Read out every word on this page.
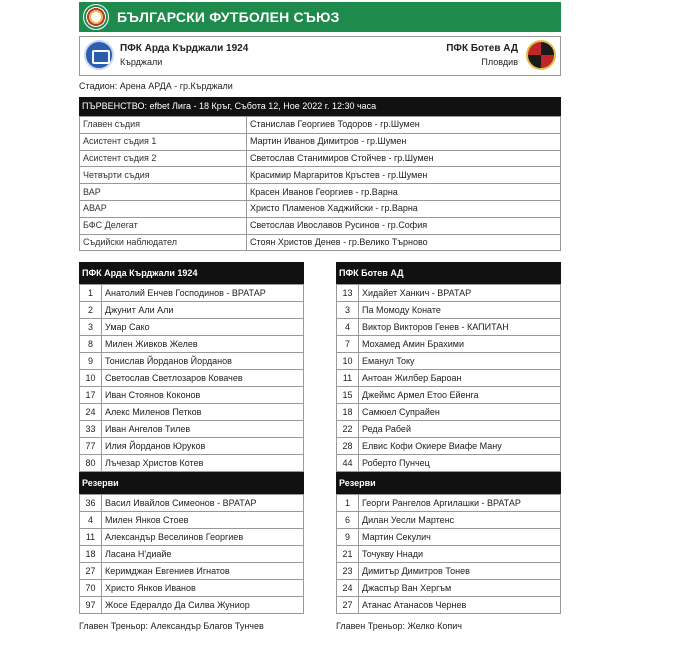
БЪЛГАРСКИ ФУТБОЛЕН СЪЮЗ
ПФК Арда Кърджали 1924
Кърджали
ПФК Ботев АД
Пловдив
Стадион: Арена АРДА - гр.Кърджали
ПЪРВЕНСТВО: efbet Лига - 18 Кръг, Събота 12, Ное 2022 г. 12:30 часа
Главен съдия	Станислав Георгиев Тодоров - гр.Шумен
Асистент съдия 1	Мартин Иванов Димитров - гр.Шумен
Асистент съдия 2	Светослав Станимиров Стойчев - гр.Шумен
Четвърти съдия	Красимир Маргаритов Кръстев - гр.Шумен
ВАР	Красен Иванов Георгиев - гр.Варна
АВАР	Христо Пламенов Хаджийски - гр.Варна
БФС Делегат	Светослав Ивославов Русинов - гр.София
Съдийски наблюдател	Стоян Христов Денев - гр.Велико Търново
ПФК Арда Кърджали 1924
1	Анатолий Енчев Господинов - ВРАТАР
2	Джунит Али Али
3	Умар Сако
8	Милен Живков Желев
9	Тонислав Йорданов Йорданов
10	Светослав Светлозаров Ковачев
17	Иван Стоянов Коконов
24	Алекс Миленов Петков
33	Иван Ангелов Тилев
77	Илия Йорданов Юруков
80	Лъчезар Христов Котев
Резерви
36	Васил Ивайлов Симеонов - ВРАТАР
4	Милен Янков Стоев
11	Александър Веселинов Георгиев
18	Ласана Н'диайе
27	Керимджан Евгениев Игнатов
70	Христо Янков Иванов
97	Жосе Едералдо Да Силва Жуниор
ПФК Ботев АД
13	Хидайет Ханкич - ВРАТАР
3	Па Момоду Конате
4	Виктор Викторов Генев - КАПИТАН
7	Мохамед Амин Брахими
10	Еманул Току
11	Антоан Жилбер Бароан
15	Джеймс Армел Етоо Ейенга
18	Самюел Супрайен
22	Реда Рабей
28	Елвис Кофи Окиере Виафе Ману
44	Роберто Пунчец
Резерви
1	Георги Рангелов Аргилашки - ВРАТАР
6	Дилан Уесли Мартенс
9	Мартин Секулич
21	Точукву Ннади
23	Димитър Димитров Тонев
24	Джаспър Ван Хергъм
27	Атанас Атанасов Чернев
Главен Треньор: Александър Благов Тунчев	Главен Треньор: Желко Копич
